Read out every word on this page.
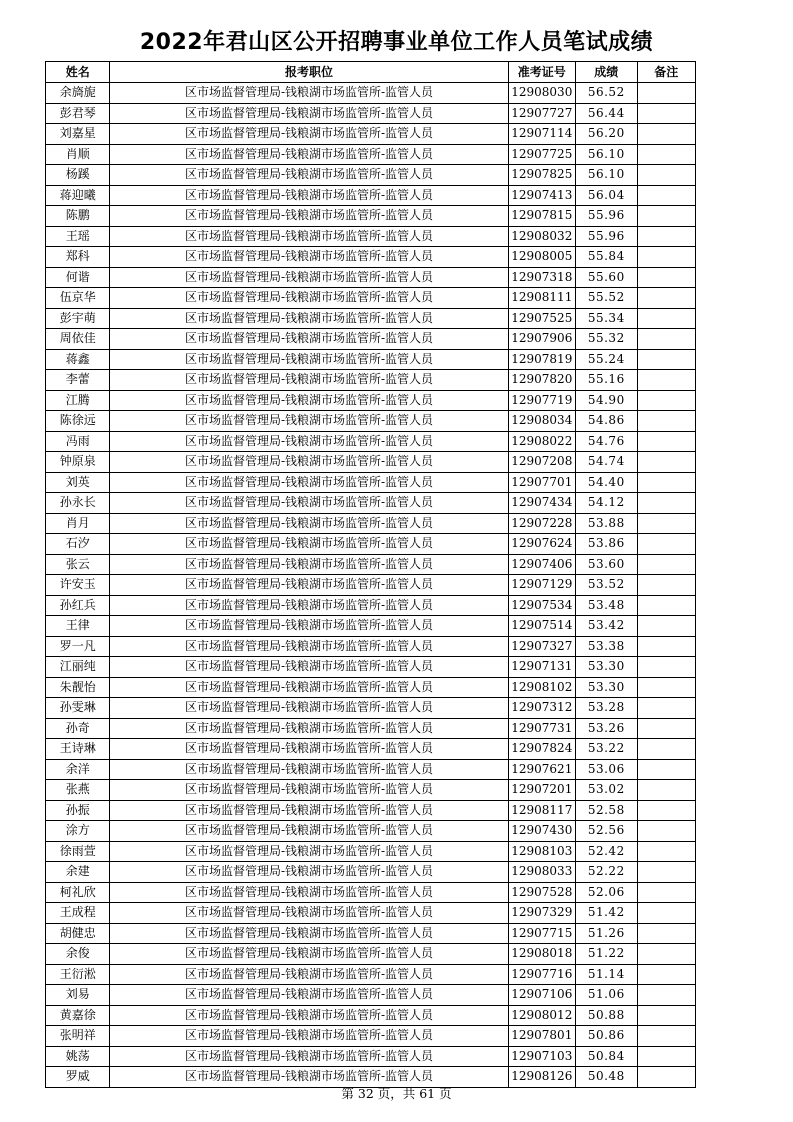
2022年君山区公开招聘事业单位工作人员笔试成绩
姓名	报考职位	准考证号	成绩	备注
余旖旎	区市场监督管理局-钱粮湖市场监管所-监管人员	12908030	56.52	
彭君琴	区市场监督管理局-钱粮湖市场监管所-监管人员	12907727	56.44	
刘嘉星	区市场监督管理局-钱粮湖市场监管所-监管人员	12907114	56.20	
肖顺	区市场监督管理局-钱粮湖市场监管所-监管人员	12907725	56.10	
杨蹊	区市场监督管理局-钱粮湖市场监管所-监管人员	12907825	56.10	
蒋迎曦	区市场监督管理局-钱粮湖市场监管所-监管人员	12907413	56.04	
陈鹏	区市场监督管理局-钱粮湖市场监管所-监管人员	12907815	55.96	
王瑶	区市场监督管理局-钱粮湖市场监管所-监管人员	12908032	55.96	
郑科	区市场监督管理局-钱粮湖市场监管所-监管人员	12908005	55.84	
何谐	区市场监督管理局-钱粮湖市场监管所-监管人员	12907318	55.60	
伍京华	区市场监督管理局-钱粮湖市场监管所-监管人员	12908111	55.52	
彭宇萌	区市场监督管理局-钱粮湖市场监管所-监管人员	12907525	55.34	
周依佳	区市场监督管理局-钱粮湖市场监管所-监管人员	12907906	55.32	
蒋鑫	区市场监督管理局-钱粮湖市场监管所-监管人员	12907819	55.24	
李蕾	区市场监督管理局-钱粮湖市场监管所-监管人员	12907820	55.16	
江腾	区市场监督管理局-钱粮湖市场监管所-监管人员	12907719	54.90	
陈徐远	区市场监督管理局-钱粮湖市场监管所-监管人员	12908034	54.86	
冯雨	区市场监督管理局-钱粮湖市场监管所-监管人员	12908022	54.76	
钟原泉	区市场监督管理局-钱粮湖市场监管所-监管人员	12907208	54.74	
刘英	区市场监督管理局-钱粮湖市场监管所-监管人员	12907701	54.40	
孙永长	区市场监督管理局-钱粮湖市场监管所-监管人员	12907434	54.12	
肖月	区市场监督管理局-钱粮湖市场监管所-监管人员	12907228	53.88	
石汐	区市场监督管理局-钱粮湖市场监管所-监管人员	12907624	53.86	
张云	区市场监督管理局-钱粮湖市场监管所-监管人员	12907406	53.60	
许安玉	区市场监督管理局-钱粮湖市场监管所-监管人员	12907129	53.52	
孙红兵	区市场监督管理局-钱粮湖市场监管所-监管人员	12907534	53.48	
王律	区市场监督管理局-钱粮湖市场监管所-监管人员	12907514	53.42	
罗一凡	区市场监督管理局-钱粮湖市场监管所-监管人员	12907327	53.38	
江丽纯	区市场监督管理局-钱粮湖市场监管所-监管人员	12907131	53.30	
朱靓怡	区市场监督管理局-钱粮湖市场监管所-监管人员	12908102	53.30	
孙雯琳	区市场监督管理局-钱粮湖市场监管所-监管人员	12907312	53.28	
孙奇	区市场监督管理局-钱粮湖市场监管所-监管人员	12907731	53.26	
王诗琳	区市场监督管理局-钱粮湖市场监管所-监管人员	12907824	53.22	
余洋	区市场监督管理局-钱粮湖市场监管所-监管人员	12907621	53.06	
张燕	区市场监督管理局-钱粮湖市场监管所-监管人员	12907201	53.02	
孙振	区市场监督管理局-钱粮湖市场监管所-监管人员	12908117	52.58	
涂方	区市场监督管理局-钱粮湖市场监管所-监管人员	12907430	52.56	
徐雨萱	区市场监督管理局-钱粮湖市场监管所-监管人员	12908103	52.42	
余建	区市场监督管理局-钱粮湖市场监管所-监管人员	12908033	52.22	
柯礼欣	区市场监督管理局-钱粮湖市场监管所-监管人员	12907528	52.06	
王成程	区市场监督管理局-钱粮湖市场监管所-监管人员	12907329	51.42	
胡健忠	区市场监督管理局-钱粮湖市场监管所-监管人员	12907715	51.26	
余俊	区市场监督管理局-钱粮湖市场监管所-监管人员	12908018	51.22	
王衍淞	区市场监督管理局-钱粮湖市场监管所-监管人员	12907716	51.14	
刘易	区市场监督管理局-钱粮湖市场监管所-监管人员	12907106	51.06	
黄嘉徐	区市场监督管理局-钱粮湖市场监管所-监管人员	12908012	50.88	
张明祥	区市场监督管理局-钱粮湖市场监管所-监管人员	12907801	50.86	
姚荡	区市场监督管理局-钱粮湖市场监管所-监管人员	12907103	50.84	
罗威	区市场监督管理局-钱粮湖市场监管所-监管人员	12908126	50.48	
第 32 页，共 61 页
